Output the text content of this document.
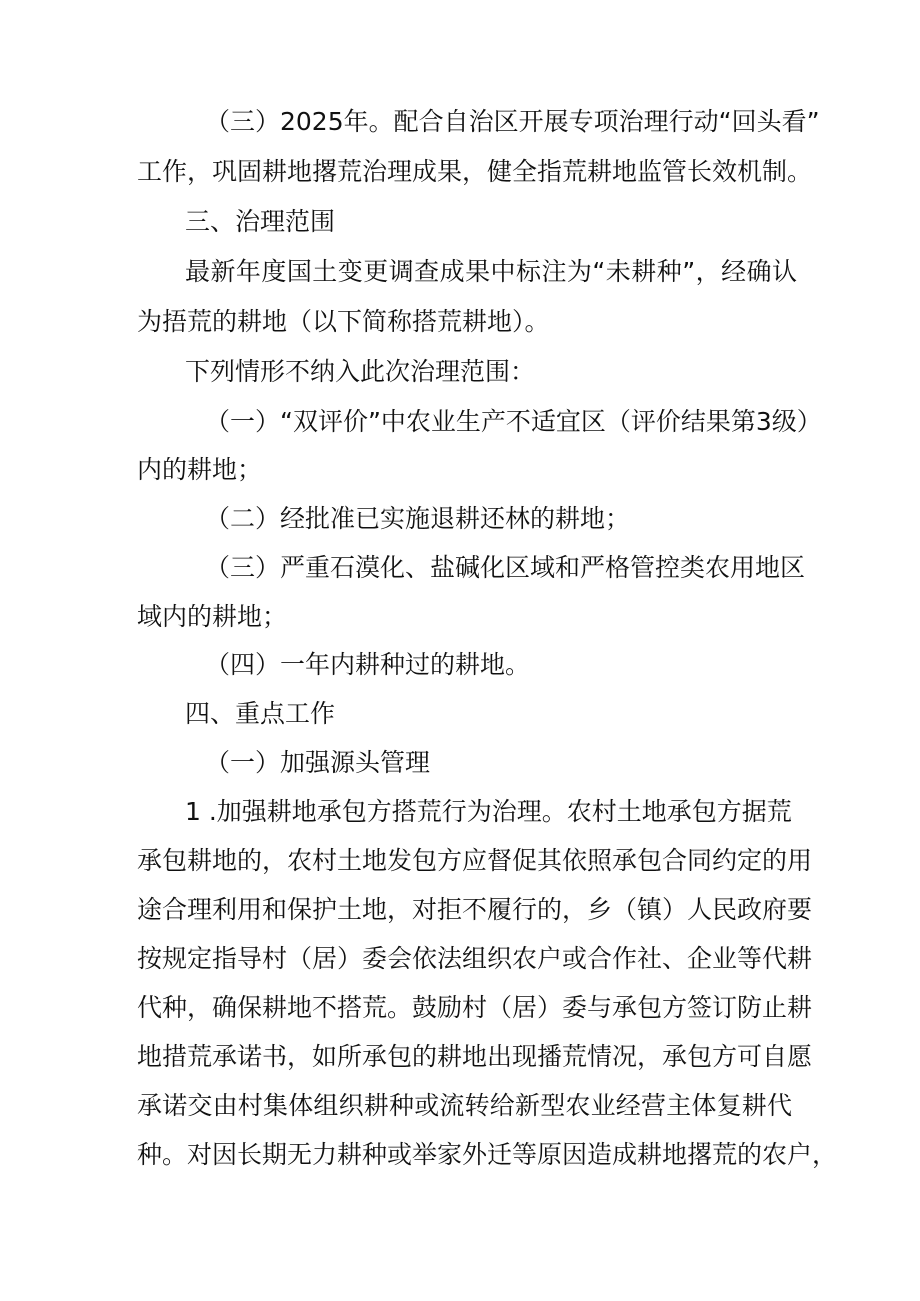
（三）2025年。配合自治区开展专项治理行动“回头看”
工作，巩固耕地撂荒治理成果，健全指荒耕地监管长效机制。
三、治理范围
最新年度国土变更调查成果中标注为“未耕种”，经确认
为捂荒的耕地（以下简称搭荒耕地）。
下列情形不纳入此次治理范围：
（一）“双评价”中农业生产不适宜区（评价结果第3级）
内的耕地；
（二）经批准已实施退耕还林的耕地；
（三）严重石漠化、盐碱化区域和严格管控类农用地区
域内的耕地；
（四）一年内耕种过的耕地。
四、重点工作
（一）加强源头管理
1 .加强耕地承包方搭荒行为治理。农村土地承包方据荒
承包耕地的，农村土地发包方应督促其依照承包合同约定的用
途合理利用和保护土地，对拒不履行的，乡（镇）人民政府要
按规定指导村（居）委会依法组织农户或合作社、企业等代耕
代种，确保耕地不搭荒。鼓励村（居）委与承包方签订防止耕
地措荒承诺书，如所承包的耕地出现播荒情况，承包方可自愿
承诺交由村集体组织耕种或流转给新型农业经营主体复耕代
种。对因长期无力耕种或举家外迁等原因造成耕地撂荒的农户，
